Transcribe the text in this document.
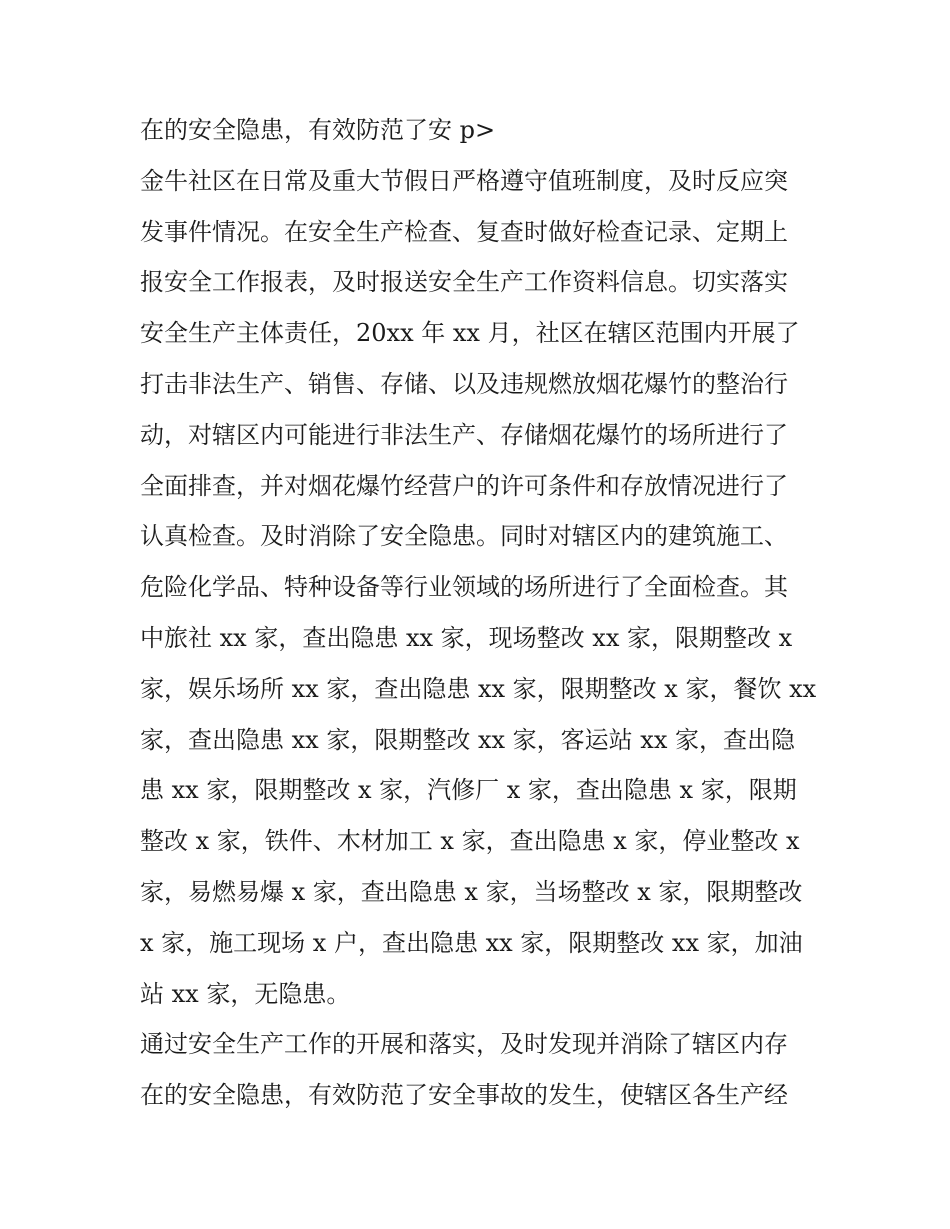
在的安全隐患，有效防范了安 p>
金牛社区在日常及重大节假日严格遵守值班制度，及时反应突
发事件情况。在安全生产检查、复查时做好检查记录、定期上
报安全工作报表，及时报送安全生产工作资料信息。切实落实
安全生产主体责任，20xx 年 xx 月，社区在辖区范围内开展了
打击非法生产、销售、存储、以及违规燃放烟花爆竹的整治行
动，对辖区内可能进行非法生产、存储烟花爆竹的场所进行了
全面排查，并对烟花爆竹经营户的许可条件和存放情况进行了
认真检查。及时消除了安全隐患。同时对辖区内的建筑施工、
危险化学品、特种设备等行业领域的场所进行了全面检查。其
中旅社 xx 家，查出隐患 xx 家，现场整改 xx 家，限期整改 x
家，娱乐场所 xx 家，查出隐患 xx 家，限期整改 x 家，餐饮 xx
家，查出隐患 xx 家，限期整改 xx 家，客运站 xx 家，查出隐
患 xx 家，限期整改 x 家，汽修厂 x 家，查出隐患 x 家，限期
整改 x 家，铁件、木材加工 x 家，查出隐患 x 家，停业整改 x
家，易燃易爆 x 家，查出隐患 x 家，当场整改 x 家，限期整改
x 家，施工现场 x 户，查出隐患 xx 家，限期整改 xx 家，加油
站 xx 家，无隐患。
通过安全生产工作的开展和落实，及时发现并消除了辖区内存
在的安全隐患，有效防范了安全事故的发生，使辖区各生产经
